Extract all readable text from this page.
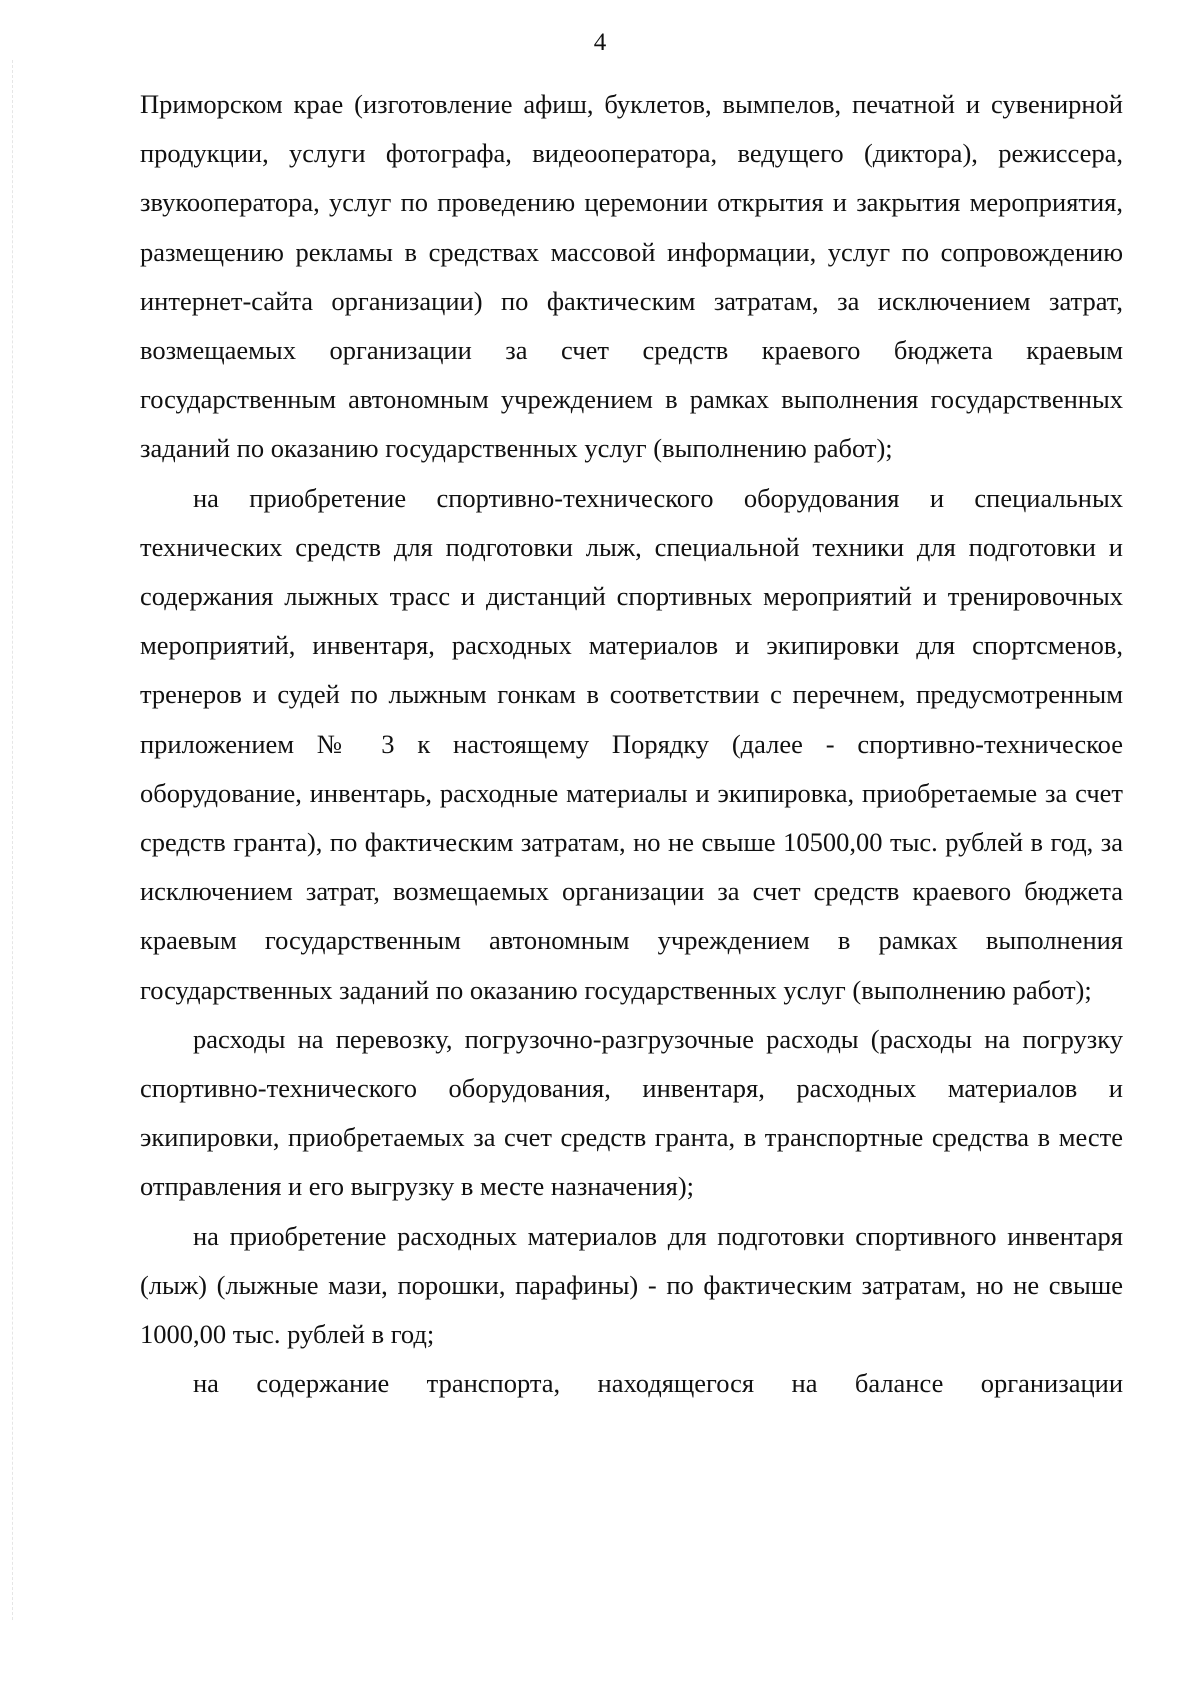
4

Приморском крае (изготовление афиш, буклетов, вымпелов, печатной и сувенирной продукции, услуги фотографа, видеооператора, ведущего (диктора), режиссера, звукооператора, услуг по проведению церемонии открытия и закрытия мероприятия, размещению рекламы в средствах массовой информации, услуг по сопровождению интернет-сайта организации) по фактическим затратам, за исключением затрат, возмещаемых организации за счет средств краевого бюджета краевым государственным автономным учреждением в рамках выполнения государственных заданий по оказанию государственных услуг (выполнению работ);

на приобретение спортивно-технического оборудования и специальных технических средств для подготовки лыж, специальной техники для подготовки и содержания лыжных трасс и дистанций спортивных мероприятий и тренировочных мероприятий, инвентаря, расходных материалов и экипировки для спортсменов, тренеров и судей по лыжным гонкам в соответствии с перечнем, предусмотренным приложением № 3 к настоящему Порядку (далее - спортивно-техническое оборудование, инвентарь, расходные материалы и экипировка, приобретаемые за счет средств гранта), по фактическим затратам, но не свыше 10500,00 тыс. рублей в год, за исключением затрат, возмещаемых организации за счет средств краевого бюджета краевым государственным автономным учреждением в рамках выполнения государственных заданий по оказанию государственных услуг (выполнению работ);

расходы на перевозку, погрузочно-разгрузочные расходы (расходы на погрузку спортивно-технического оборудования, инвентаря, расходных материалов и экипировки, приобретаемых за счет средств гранта, в транспортные средства в месте отправления и его выгрузку в месте назначения);

на приобретение расходных материалов для подготовки спортивного инвентаря (лыж) (лыжные мази, порошки, парафины) - по фактическим затратам, но не свыше 1000,00 тыс. рублей в год;

на содержание транспорта, находящегося на балансе организации
